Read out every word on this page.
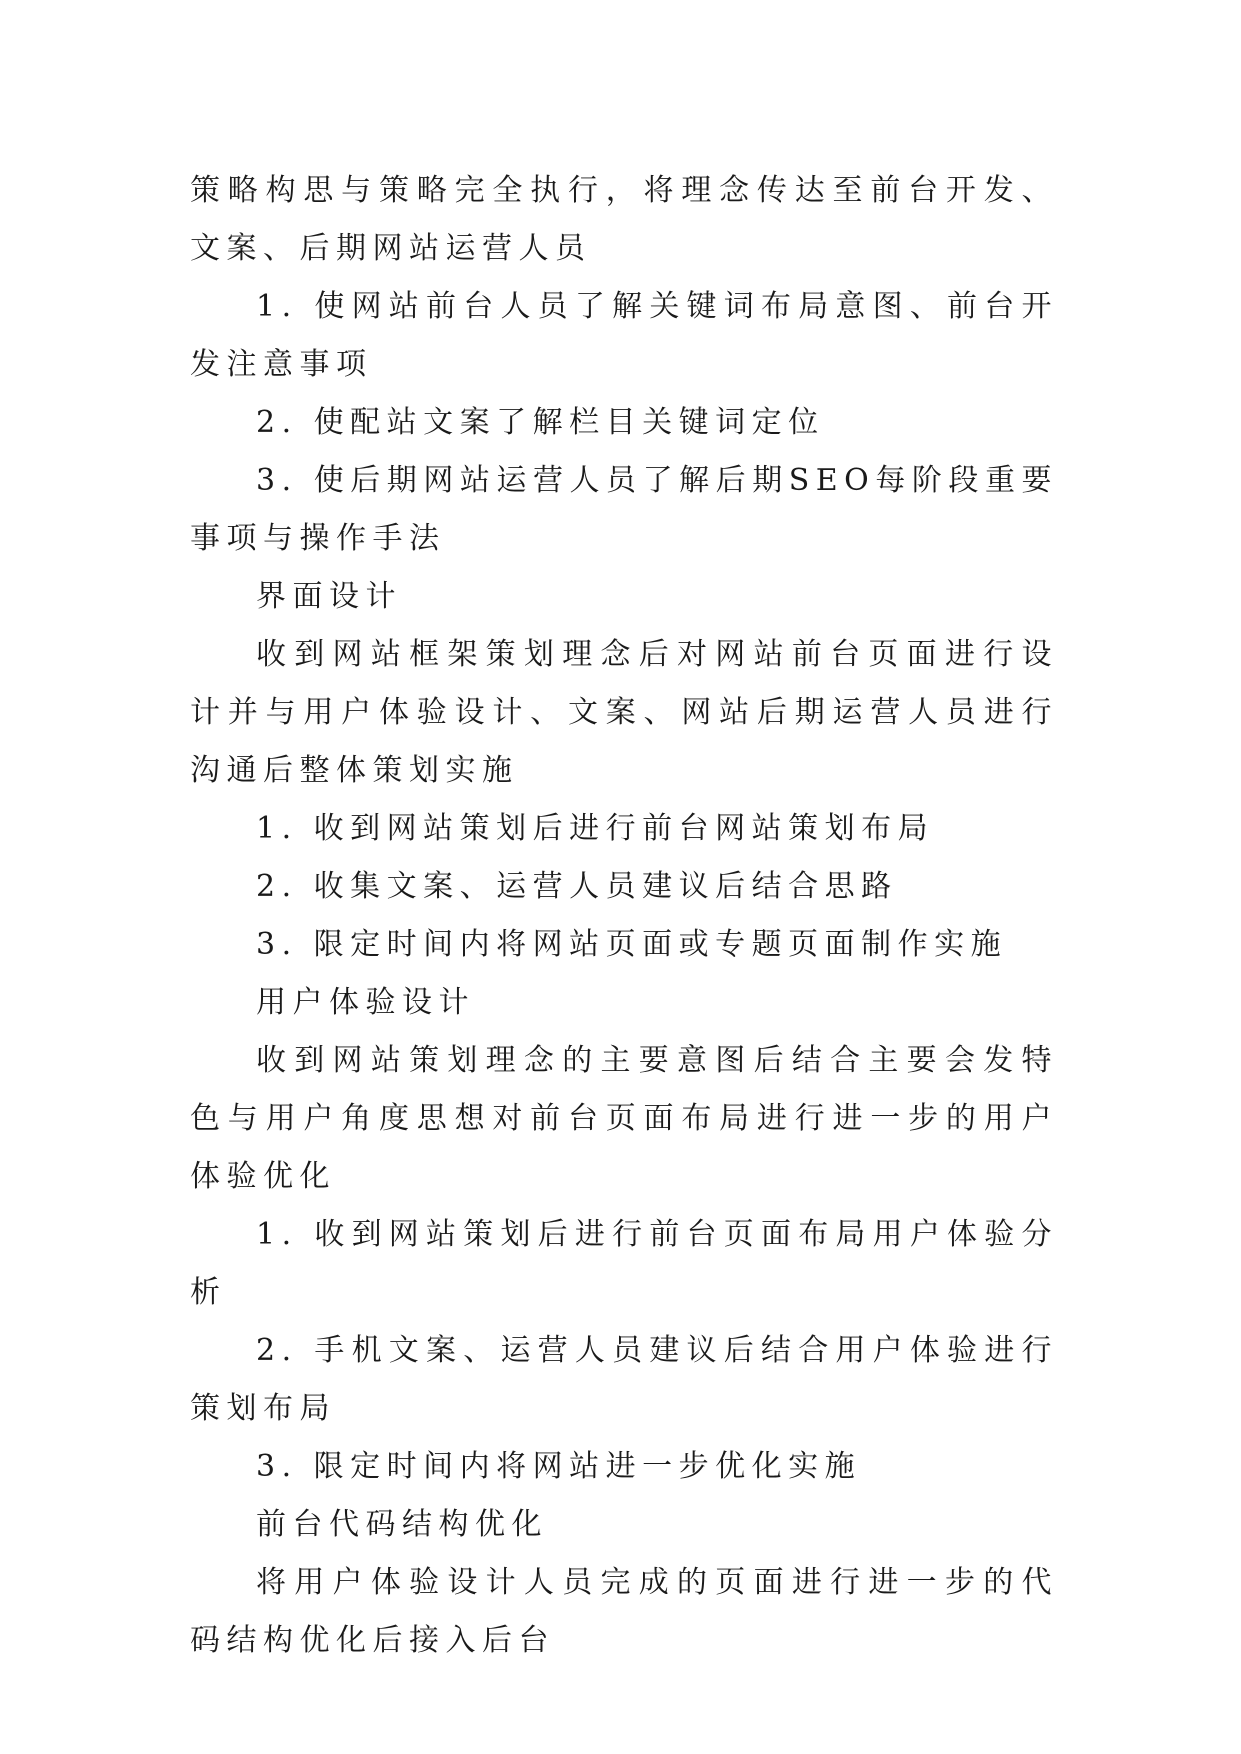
策略构思与策略完全执行，将理念传达至前台开发、文案、后期网站运营人员

1. 使网站前台人员了解关键词布局意图、前台开发注意事项

2. 使配站文案了解栏目关键词定位

3. 使后期网站运营人员了解后期SEO每阶段重要事项与操作手法

界面设计

收到网站框架策划理念后对网站前台页面进行设计并与用户体验设计、文案、网站后期运营人员进行沟通后整体策划实施

1. 收到网站策划后进行前台网站策划布局

2. 收集文案、运营人员建议后结合思路

3. 限定时间内将网站页面或专题页面制作实施

用户体验设计

收到网站策划理念的主要意图后结合主要会发特色与用户角度思想对前台页面布局进行进一步的用户体验优化

1. 收到网站策划后进行前台页面布局用户体验分析

2. 手机文案、运营人员建议后结合用户体验进行策划布局

3. 限定时间内将网站进一步优化实施

前台代码结构优化

将用户体验设计人员完成的页面进行进一步的代码结构优化后接入后台
